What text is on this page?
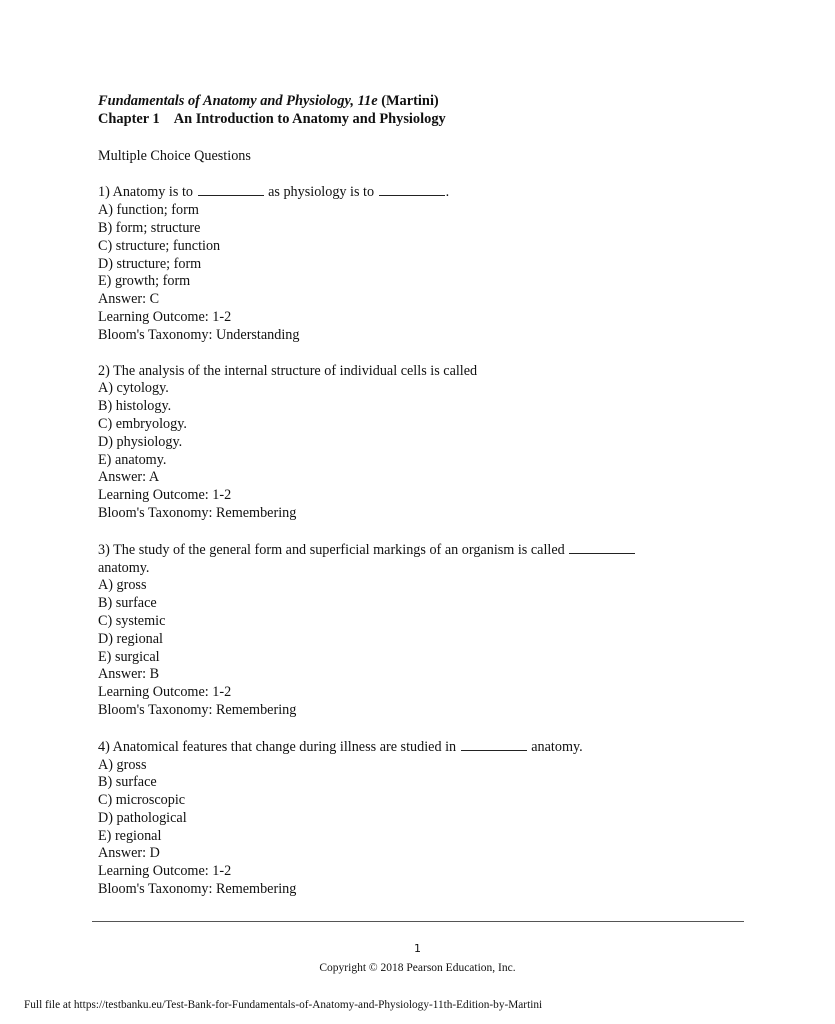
Fundamentals of Anatomy and Physiology, 11e (Martini)
Chapter 1 An Introduction to Anatomy and Physiology
Multiple Choice Questions
1) Anatomy is to	as physiology is to	.
A) function; form
B) form; structure
C) structure; function
D) structure; form
E) growth; form
Answer: C
Learning Outcome: 1-2
Bloom's Taxonomy: Understanding
2) The analysis of the internal structure of individual cells is called
A) cytology.
B) histology.
C) embryology.
D) physiology.
E) anatomy.
Answer: A
Learning Outcome: 1-2
Bloom's Taxonomy: Remembering
3) The study of the general form and superficial markings of an organism is called
anatomy.
A) gross
B) surface
C) systemic
D) regional
E) surgical
Answer: B
Learning Outcome: 1-2
Bloom's Taxonomy: Remembering
4) Anatomical features that change during illness are studied in	anatomy.
A) gross
B) surface
C) microscopic
D) pathological
E) regional
Answer: D
Learning Outcome: 1-2
Bloom's Taxonomy: Remembering
1
Copyright © 2018 Pearson Education, Inc.
Full file at https://testbanku.eu/Test-Bank-for-Fundamentals-of-Anatomy-and-Physiology-11th-Edition-by-Martini
